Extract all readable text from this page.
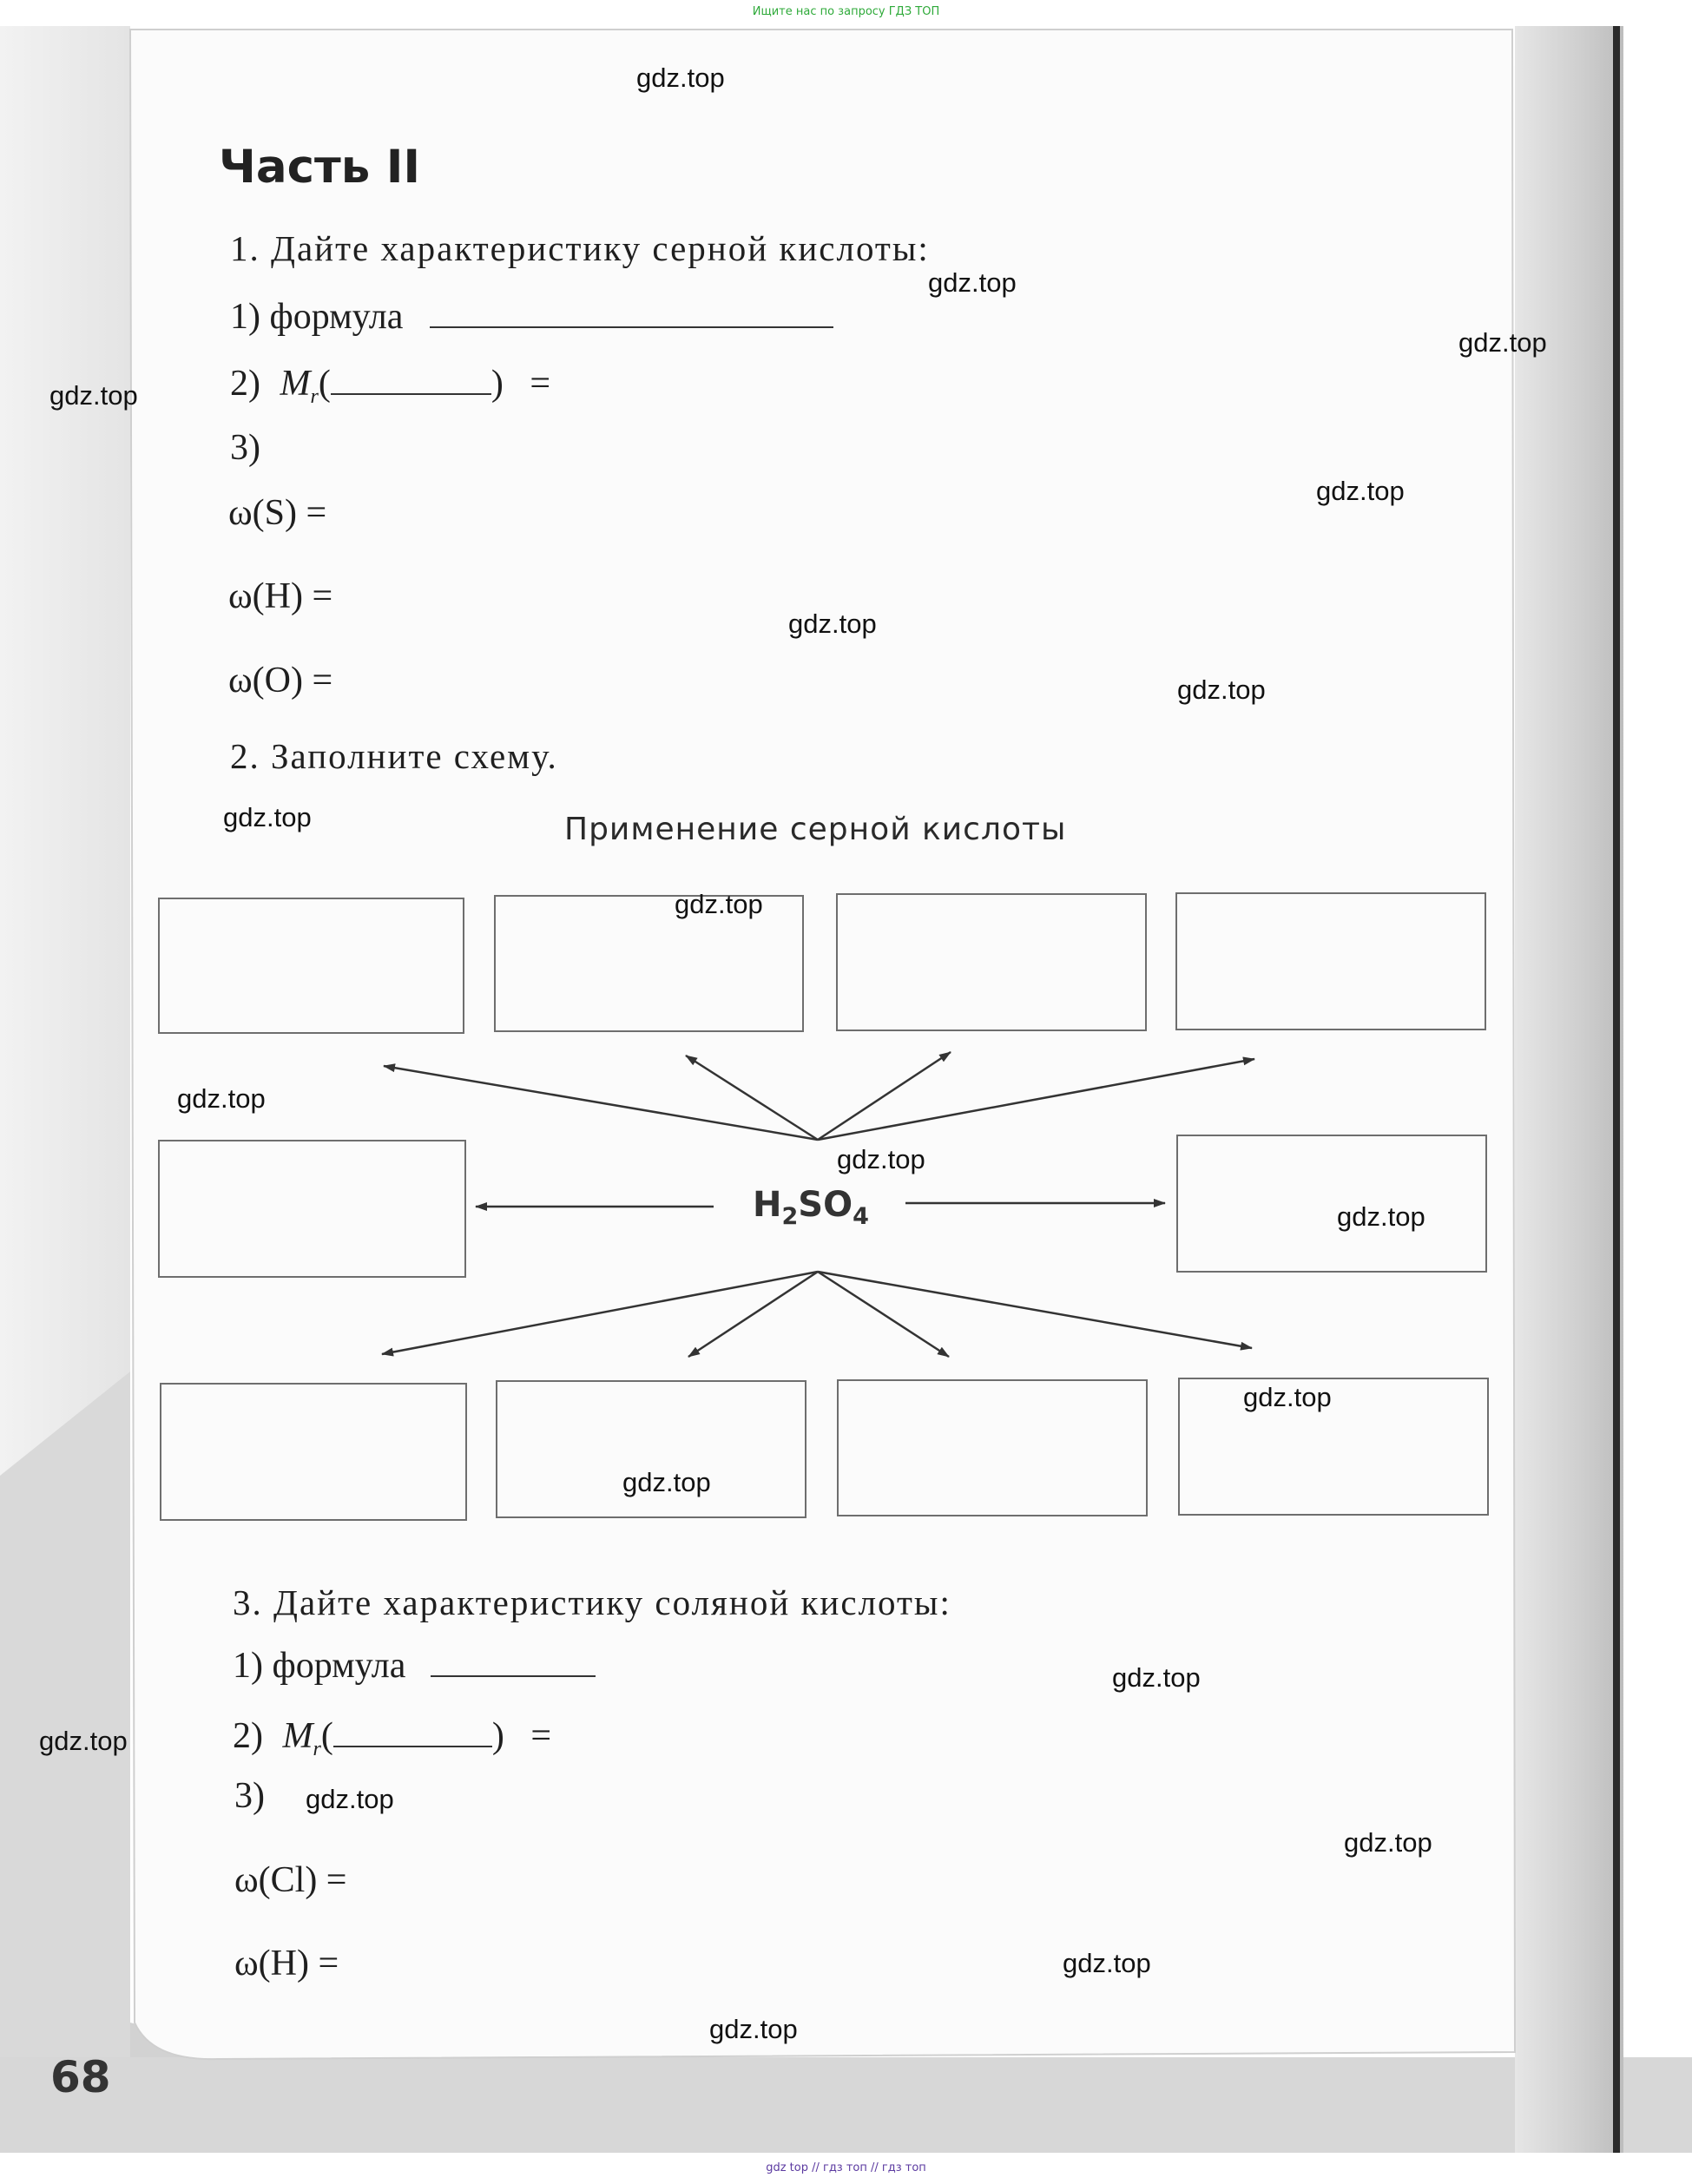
Ищите нас по запросу ГДЗ ТОП
gdz top // гдз топ // гдз топ
68
Часть II
1. Дайте характеристику серной кислоты:
1) формула
2) $M_r$(	) =
3)
ω(S) =
ω(H) =
ω(O) =
2. Заполните схему.
Применение серной кислоты
$H_2SO_4$
3. Дайте характеристику соляной кислоты:
1) формула
2) $M_r$(	) =
3)
ω(Cl) =
ω(H) =
gdz.top
gdz.top
gdz.top
gdz.top
gdz.top
gdz.top
gdz.top
gdz.top
gdz.top
gdz.top
gdz.top
gdz.top
gdz.top
gdz.top
gdz.top
gdz.top
gdz.top
gdz.top
gdz.top
gdz.top
